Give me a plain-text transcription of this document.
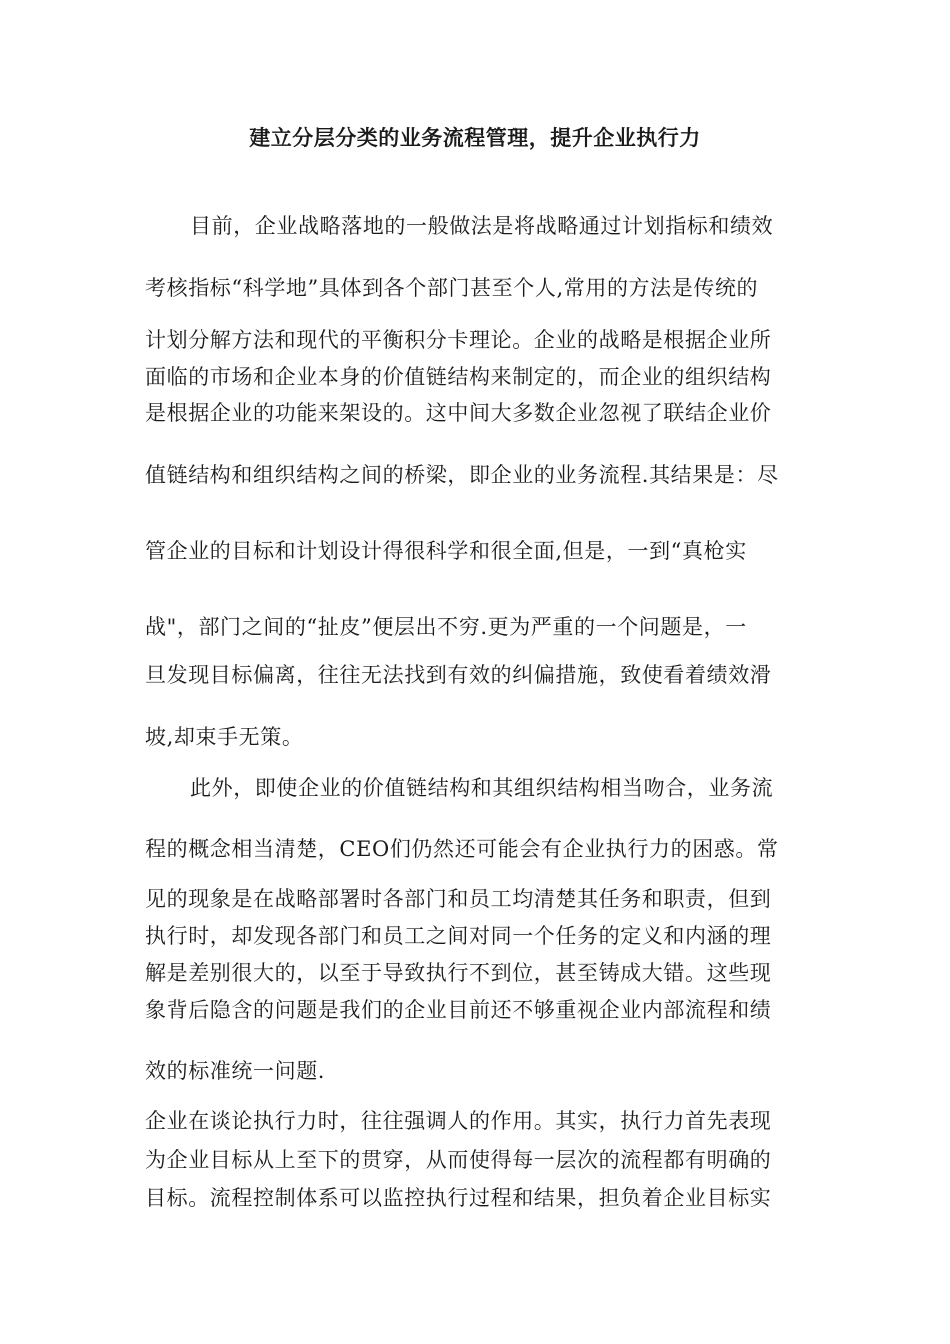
建立分层分类的业务流程管理，提升企业执行力
目前，企业战略落地的一般做法是将战略通过计划指标和绩效
考核指标“科学地”具体到各个部门甚至个人,常用的方法是传统的
计划分解方法和现代的平衡积分卡理论。企业的战略是根据企业所
面临的市场和企业本身的价值链结构来制定的，而企业的组织结构
是根据企业的功能来架设的。这中间大多数企业忽视了联结企业价
值链结构和组织结构之间的桥梁，即企业的业务流程.其结果是：尽
管企业的目标和计划设计得很科学和很全面,但是，一到“真枪实
战"，部门之间的“扯皮”便层出不穷.更为严重的一个问题是，一
旦发现目标偏离，往往无法找到有效的纠偏措施，致使看着绩效滑
坡,却束手无策。
此外，即使企业的价值链结构和其组织结构相当吻合，业务流
程的概念相当清楚，CEO们仍然还可能会有企业执行力的困惑。常
见的现象是在战略部署时各部门和员工均清楚其任务和职责，但到
执行时，却发现各部门和员工之间对同一个任务的定义和内涵的理
解是差别很大的，以至于导致执行不到位，甚至铸成大错。这些现
象背后隐含的问题是我们的企业目前还不够重视企业内部流程和绩
效的标准统一问题.
企业在谈论执行力时，往往强调人的作用。其实，执行力首先表现
为企业目标从上至下的贯穿，从而使得每一层次的流程都有明确的
目标。流程控制体系可以监控执行过程和结果，担负着企业目标实
